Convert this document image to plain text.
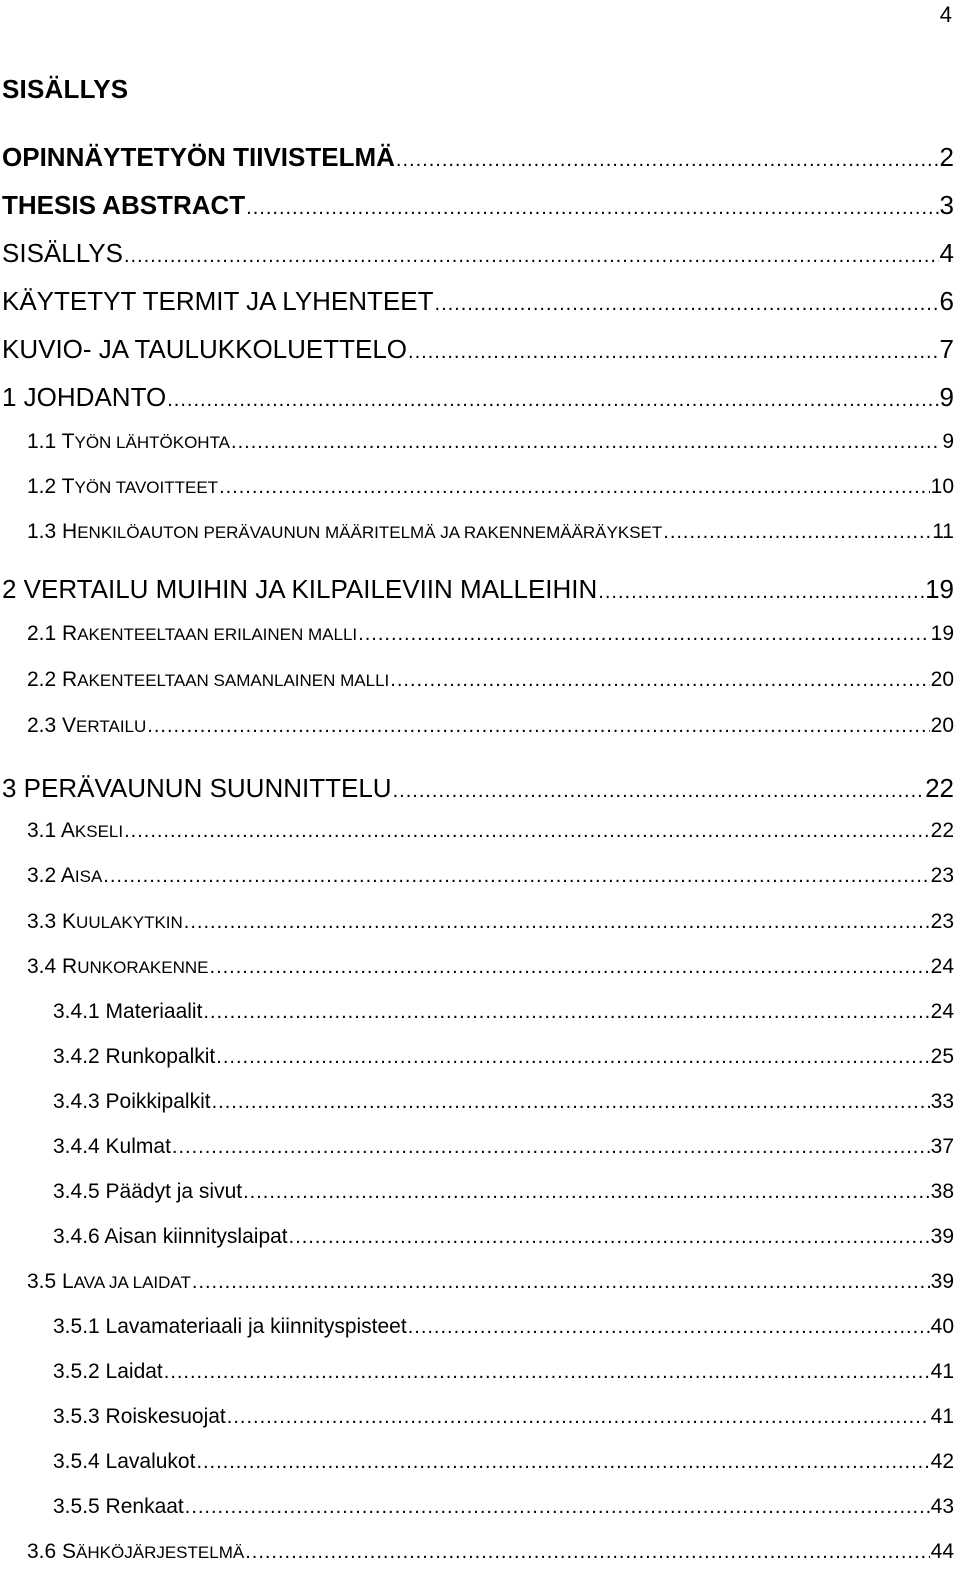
4
SISÄLLYS
OPINNÄYTETYÖN TIIVISTELMÄ .....	2
THESIS ABSTRACT .....	3
SISÄLLYS .....	4
KÄYTETYT TERMIT JA LYHENTEET .....	6
KUVIO- JA TAULUKKOLUETTELO .....	7
1 JOHDANTO .....	9
1.1 TYÖN LÄHTÖKOHTA .....	9
1.2 TYÖN TAVOITTEET .....	10
1.3 HENKILÖAUTON PERÄVAUNUN MÄÄRITELMÄ JA RAKENNEMÄÄRÄYKSET .....	11
2 VERTAILU MUIHIN JA KILPAILEVIIN MALLEIHIN .....	19
2.1 RAKENTEELTAAN ERILAINEN MALLI .....	19
2.2 RAKENTEELTAAN SAMANLAINEN MALLI .....	20
2.3 VERTAILU .....	20
3 PERÄVAUNUN SUUNNITTELU .....	22
3.1 AKSELI .....	22
3.2 AISA .....	23
3.3 KUULAKYTKIN .....	23
3.4 RUNKORAKENNE .....	24
3.4.1 Materiaalit .....	24
3.4.2 Runkopalkit .....	25
3.4.3 Poikkipalkit .....	33
3.4.4 Kulmat .....	37
3.4.5 Päädyt ja sivut .....	38
3.4.6 Aisan kiinnityslaipat .....	39
3.5 LAVA JA LAIDAT .....	39
3.5.1 Lavamateriaali ja kiinnityspisteet .....	40
3.5.2 Laidat .....	41
3.5.3 Roiskesuojat .....	41
3.5.4 Lavalukot .....	42
3.5.5 Renkaat .....	43
3.6 SÄHKÖJÄRJESTELMÄ .....	44
